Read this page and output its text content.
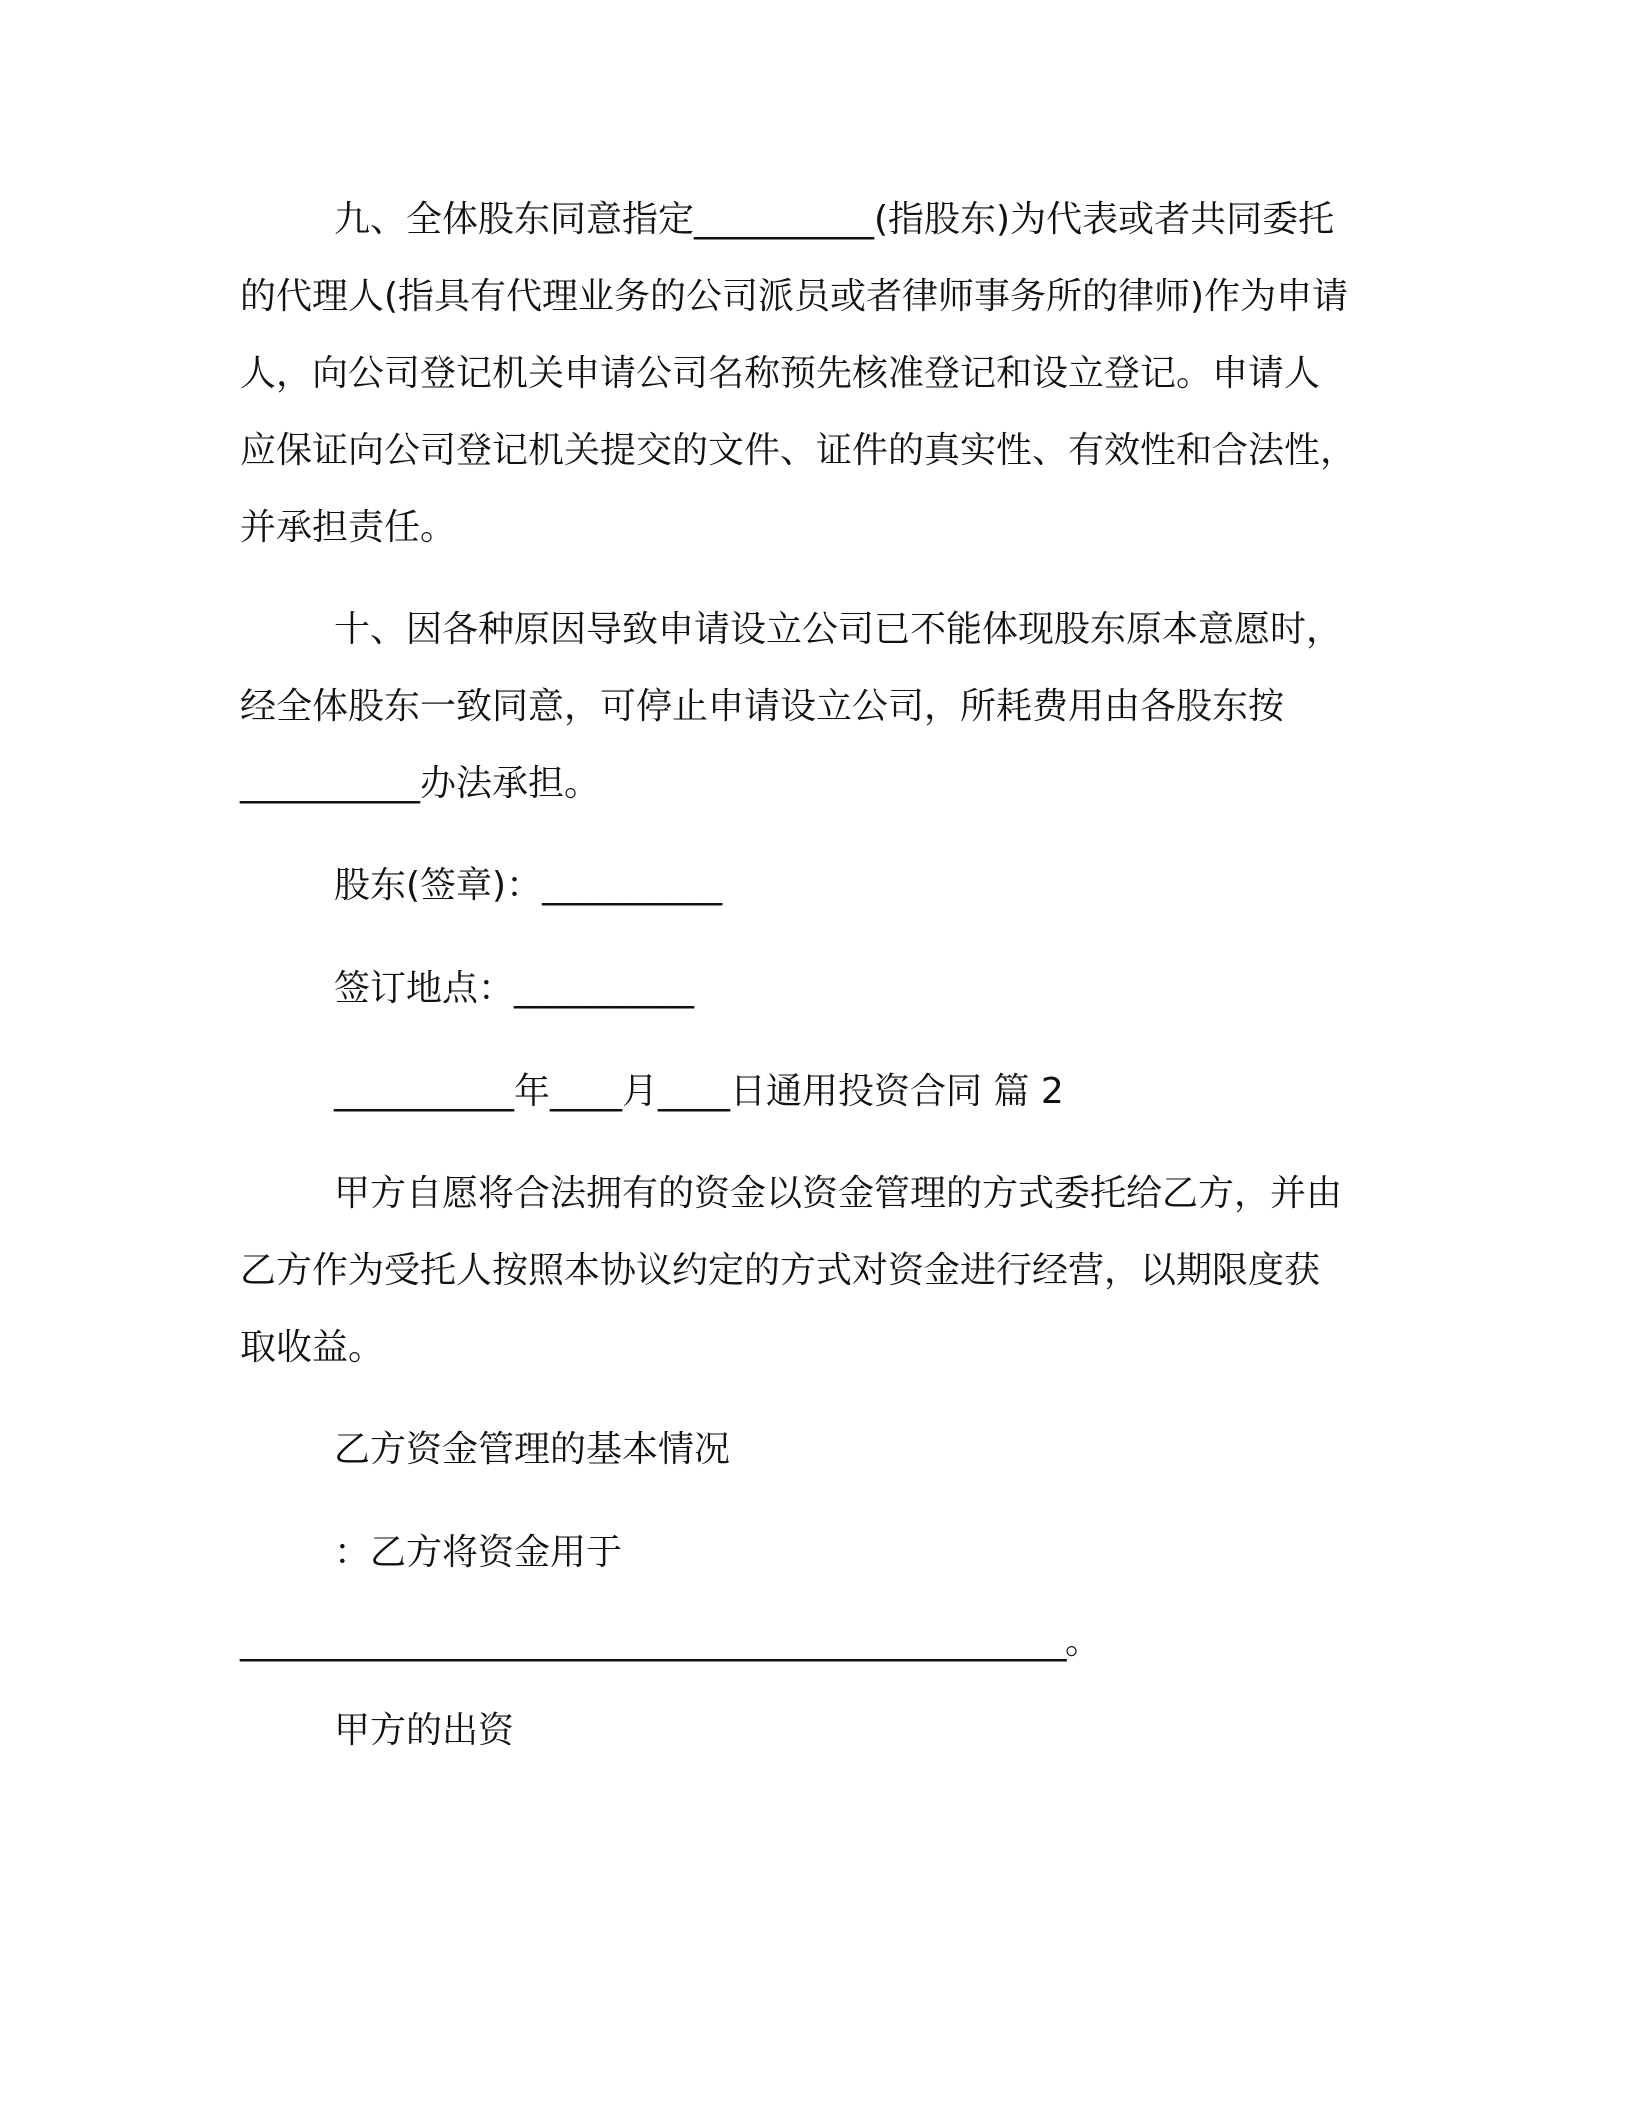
九、全体股东同意指定__________(指股东)为代表或者共同委托
的代理人(指具有代理业务的公司派员或者律师事务所的律师)作为申请
人，向公司登记机关申请公司名称预先核准登记和设立登记。申请人
应保证向公司登记机关提交的文件、证件的真实性、有效性和合法性，
并承担责任。
十、因各种原因导致申请设立公司已不能体现股东原本意愿时，
经全体股东一致同意，可停止申请设立公司，所耗费用由各股东按
__________办法承担。
股东(签章)：__________
签订地点：__________
__________年____月____日通用投资合同 篇 2
甲方自愿将合法拥有的资金以资金管理的方式委托给乙方，并由
乙方作为受托人按照本协议约定的方式对资金进行经营，以期限度获
取收益。
乙方资金管理的基本情况
：乙方将资金用于
__________________________________________________。
甲方的出资
